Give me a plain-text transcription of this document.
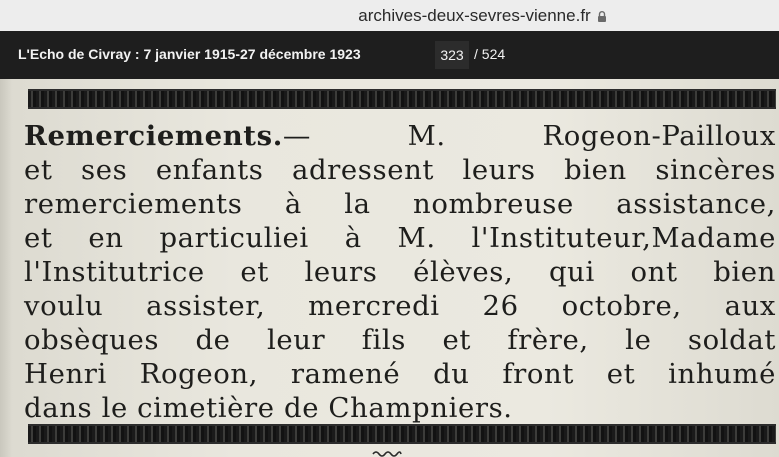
archives-deux-sevres-vienne.fr
L'Echo de Civray : 7 janvier 1915-27 décembre 1923
323	/ 524
Remerciements.— M. Rogeon-Pailloux
et ses enfants adressent leurs bien sincères
remerciements à la nombreuse assistance,
et en particuliei à M. l'Instituteur,Madame
l'Institutrice et leurs élèves, qui ont bien
voulu assister, mercredi 26 octobre, aux
obsèques de leur fils et frère, le soldat
Henri Rogeon, ramené du front et inhumé
dans le cimetière de Champniers.
